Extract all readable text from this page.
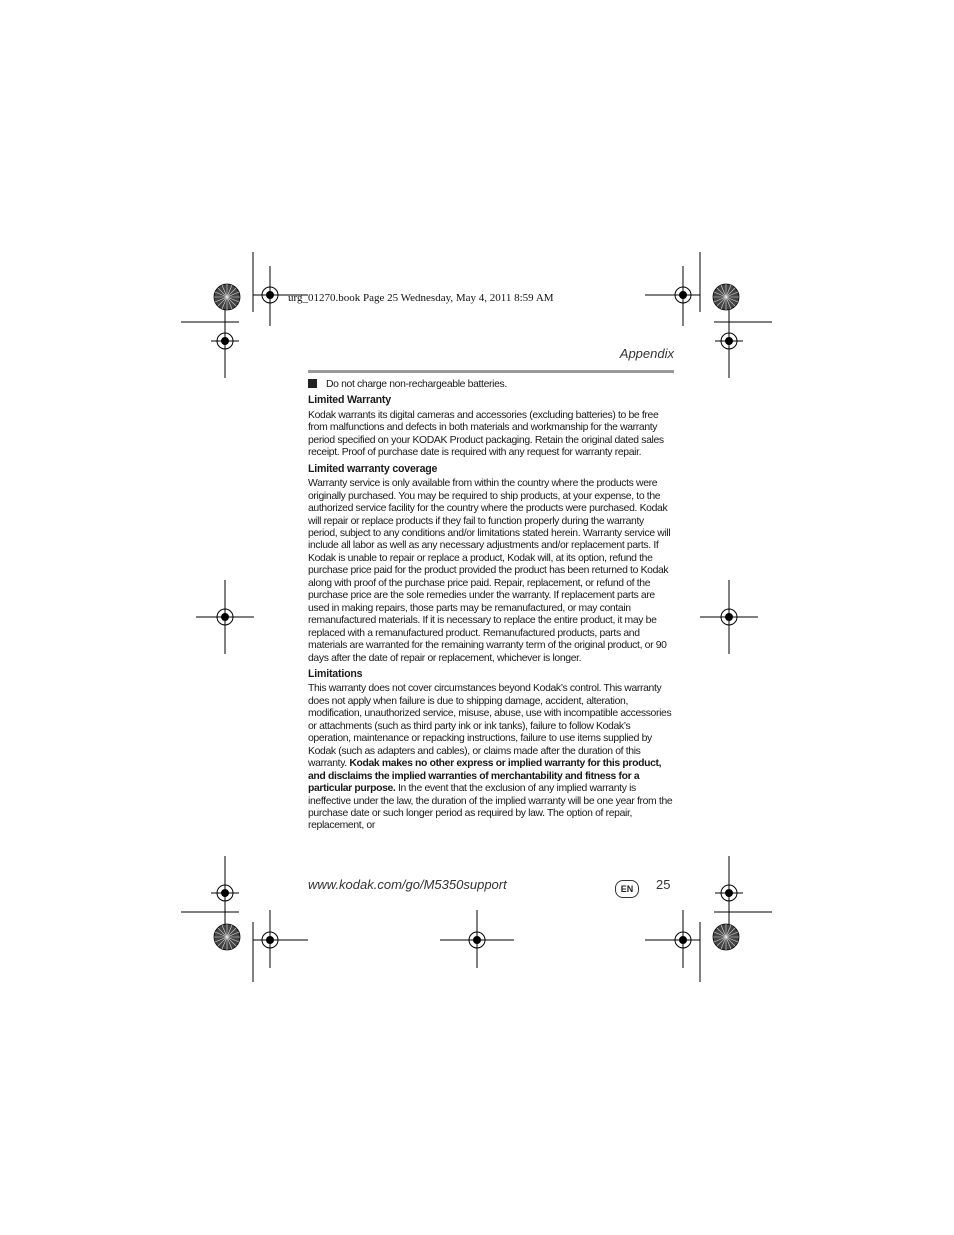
urg_01270.book Page 25 Wednesday, May 4, 2011 8:59 AM
Appendix
Do not charge non-rechargeable batteries.
Limited Warranty

Kodak warrants its digital cameras and accessories (excluding batteries) to be free from malfunctions and defects in both materials and workmanship for the warranty period specified on your KODAK Product packaging. Retain the original dated sales receipt. Proof of purchase date is required with any request for warranty repair.

Limited warranty coverage

Warranty service is only available from within the country where the products were originally purchased. You may be required to ship products, at your expense, to the authorized service facility for the country where the products were purchased. Kodak will repair or replace products if they fail to function properly during the warranty period, subject to any conditions and/or limitations stated herein. Warranty service will include all labor as well as any necessary adjustments and/or replacement parts. If Kodak is unable to repair or replace a product, Kodak will, at its option, refund the purchase price paid for the product provided the product has been returned to Kodak along with proof of the purchase price paid. Repair, replacement, or refund of the purchase price are the sole remedies under the warranty. If replacement parts are used in making repairs, those parts may be remanufactured, or may contain remanufactured materials. If it is necessary to replace the entire product, it may be replaced with a remanufactured product. Remanufactured products, parts and materials are warranted for the remaining warranty term of the original product, or 90 days after the date of repair or replacement, whichever is longer.

Limitations

This warranty does not cover circumstances beyond Kodak’s control. This warranty does not apply when failure is due to shipping damage, accident, alteration, modification, unauthorized service, misuse, abuse, use with incompatible accessories or attachments (such as third party ink or ink tanks), failure to follow Kodak’s operation, maintenance or repacking instructions, failure to use items supplied by Kodak (such as adapters and cables), or claims made after the duration of this warranty. Kodak makes no other express or implied warranty for this product, and disclaims the implied warranties of merchantability and fitness for a particular purpose. In the event that the exclusion of any implied warranty is ineffective under the law, the duration of the implied warranty will be one year from the purchase date or such longer period as required by law. The option of repair, replacement, or

www.kodak.com/go/M5350support	EN	25
